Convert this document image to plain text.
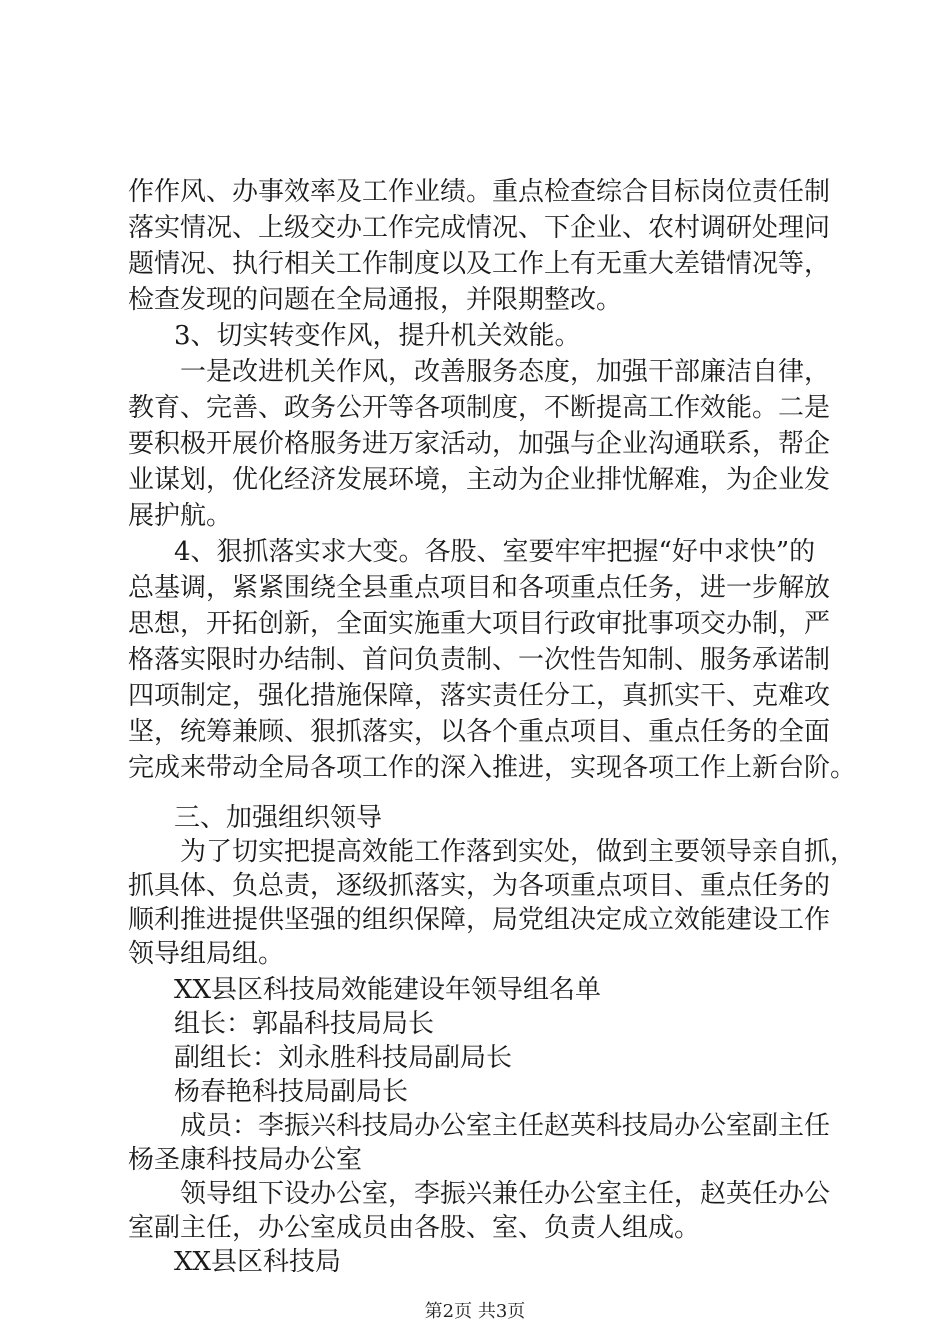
作作风、办事效率及工作业绩。重点检查综合目标岗位责任制
落实情况、上级交办工作完成情况、下企业、农村调研处理问
题情况、执行相关工作制度以及工作上有无重大差错情况等，
检查发现的问题在全局通报，并限期整改。
3、切实转变作风，提升机关效能。
一是改进机关作风，改善服务态度，加强干部廉洁自律，
教育、完善、政务公开等各项制度，不断提高工作效能。二是
要积极开展价格服务进万家活动，加强与企业沟通联系，帮企
业谋划，优化经济发展环境，主动为企业排忧解难，为企业发
展护航。
4、狠抓落实求大变。各股、室要牢牢把握“好中求快”的
总基调，紧紧围绕全县重点项目和各项重点任务，进一步解放
思想，开拓创新，全面实施重大项目行政审批事项交办制，严
格落实限时办结制、首问负责制、一次性告知制、服务承诺制
四项制定，强化措施保障，落实责任分工，真抓实干、克难攻
坚，统筹兼顾、狠抓落实，以各个重点项目、重点任务的全面
完成来带动全局各项工作的深入推进，实现各项工作上新台阶。
三、加强组织领导
为了切实把提高效能工作落到实处，做到主要领导亲自抓，
抓具体、负总责，逐级抓落实，为各项重点项目、重点任务的
顺利推进提供坚强的组织保障，局党组决定成立效能建设工作
领导组局组。
XX县区科技局效能建设年领导组名单
组长：郭晶科技局局长
副组长：刘永胜科技局副局长
杨春艳科技局副局长
成员：李振兴科技局办公室主任赵英科技局办公室副主任
杨圣康科技局办公室
领导组下设办公室，李振兴兼任办公室主任，赵英任办公
室副主任，办公室成员由各股、室、负责人组成。
XX县区科技局
第2页 共3页
